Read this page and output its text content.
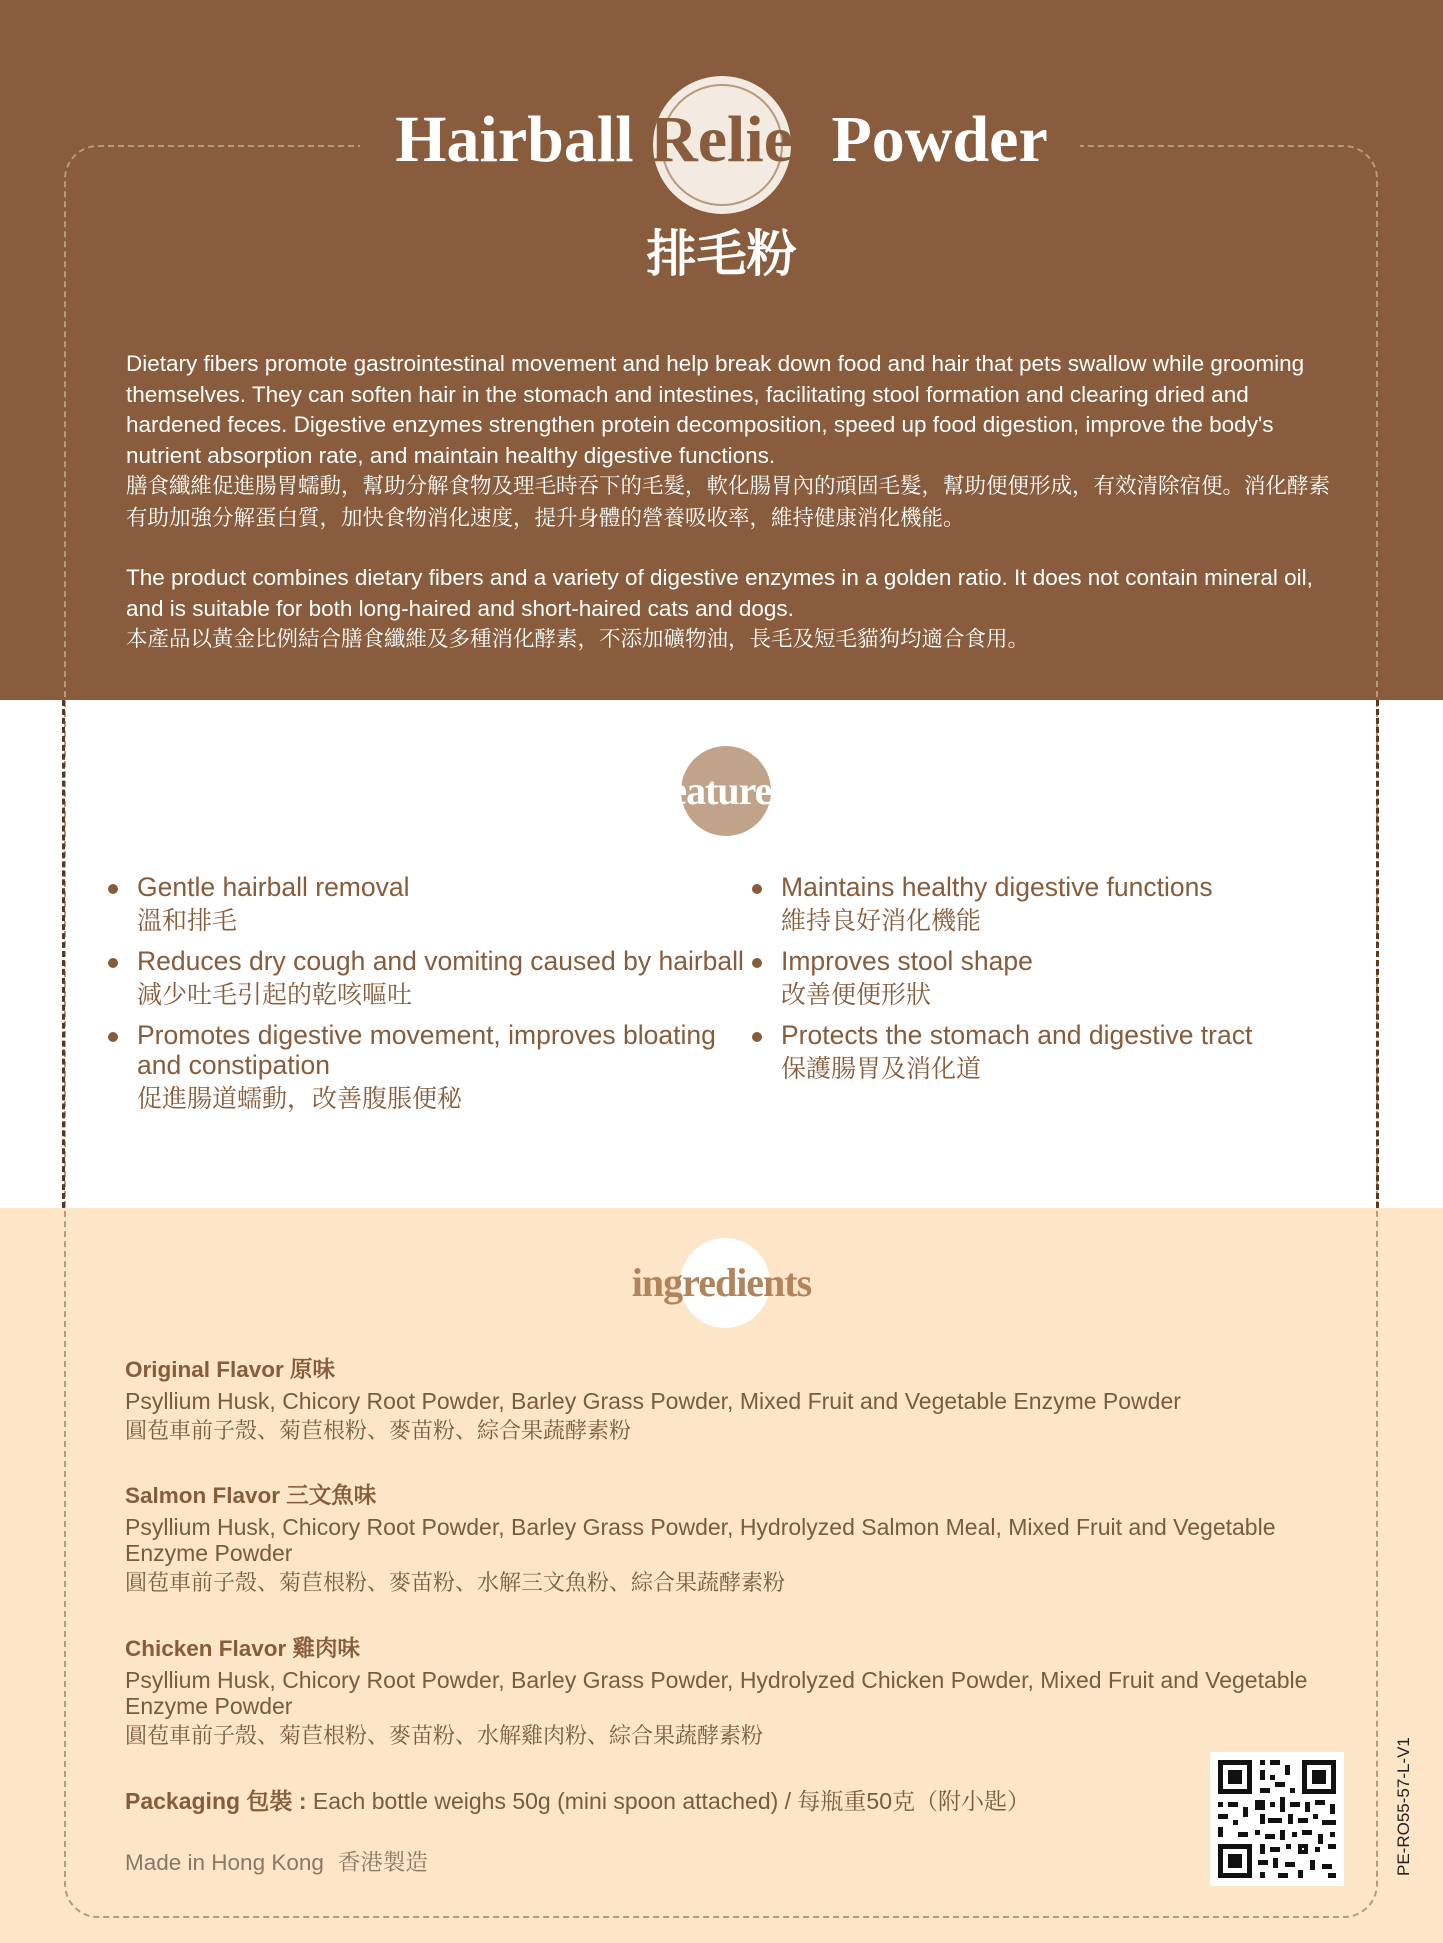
Hairball Relief Powder
排毛粉

Dietary fibers promote gastrointestinal movement and help break down food and hair that pets swallow while grooming themselves. They can soften hair in the stomach and intestines, facilitating stool formation and clearing dried and hardened feces. Digestive enzymes strengthen protein decomposition, speed up food digestion, improve the body's nutrient absorption rate, and maintain healthy digestive functions.
膳食纖維促進腸胃蠕動，幫助分解食物及理毛時吞下的毛髮，軟化腸胃內的頑固毛髮，幫助便便形成，有效清除宿便。消化酵素有助加強分解蛋白質，加快食物消化速度，提升身體的營養吸收率，維持健康消化機能。

The product combines dietary fibers and a variety of digestive enzymes in a golden ratio. It does not contain mineral oil, and is suitable for both long-haired and short-haired cats and dogs.
本產品以黃金比例結合膳食纖維及多種消化酵素，不添加礦物油，長毛及短毛貓狗均適合食用。

features
Gentle hairball removal
溫和排毛
Reduces dry cough and vomiting caused by hairball
減少吐毛引起的乾咳嘔吐
Promotes digestive movement, improves bloating and constipation
促進腸道蠕動，改善腹脹便秘
Maintains healthy digestive functions
維持良好消化機能
Improves stool shape
改善便便形狀
Protects the stomach and digestive tract
保護腸胃及消化道
ingredients
Original Flavor 原味
Psyllium Husk, Chicory Root Powder, Barley Grass Powder, Mixed Fruit and Vegetable Enzyme Powder
圓苞車前子殼、菊苣根粉、麥苗粉、綜合果蔬酵素粉
Salmon Flavor 三文魚味
Psyllium Husk, Chicory Root Powder, Barley Grass Powder, Hydrolyzed Salmon Meal, Mixed Fruit and Vegetable Enzyme Powder
圓苞車前子殼、菊苣根粉、麥苗粉、水解三文魚粉、綜合果蔬酵素粉
Chicken Flavor 雞肉味
Psyllium Husk, Chicory Root Powder, Barley Grass Powder, Hydrolyzed Chicken Powder, Mixed Fruit and Vegetable Enzyme Powder
圓苞車前子殼、菊苣根粉、麥苗粉、水解雞肉粉、綜合果蔬酵素粉
Packaging 包裝 : Each bottle weighs 50g (mini spoon attached) / 每瓶重50克（附小匙）
Made in Hong Kong 香港製造	PE-RO55-57-L-V1
